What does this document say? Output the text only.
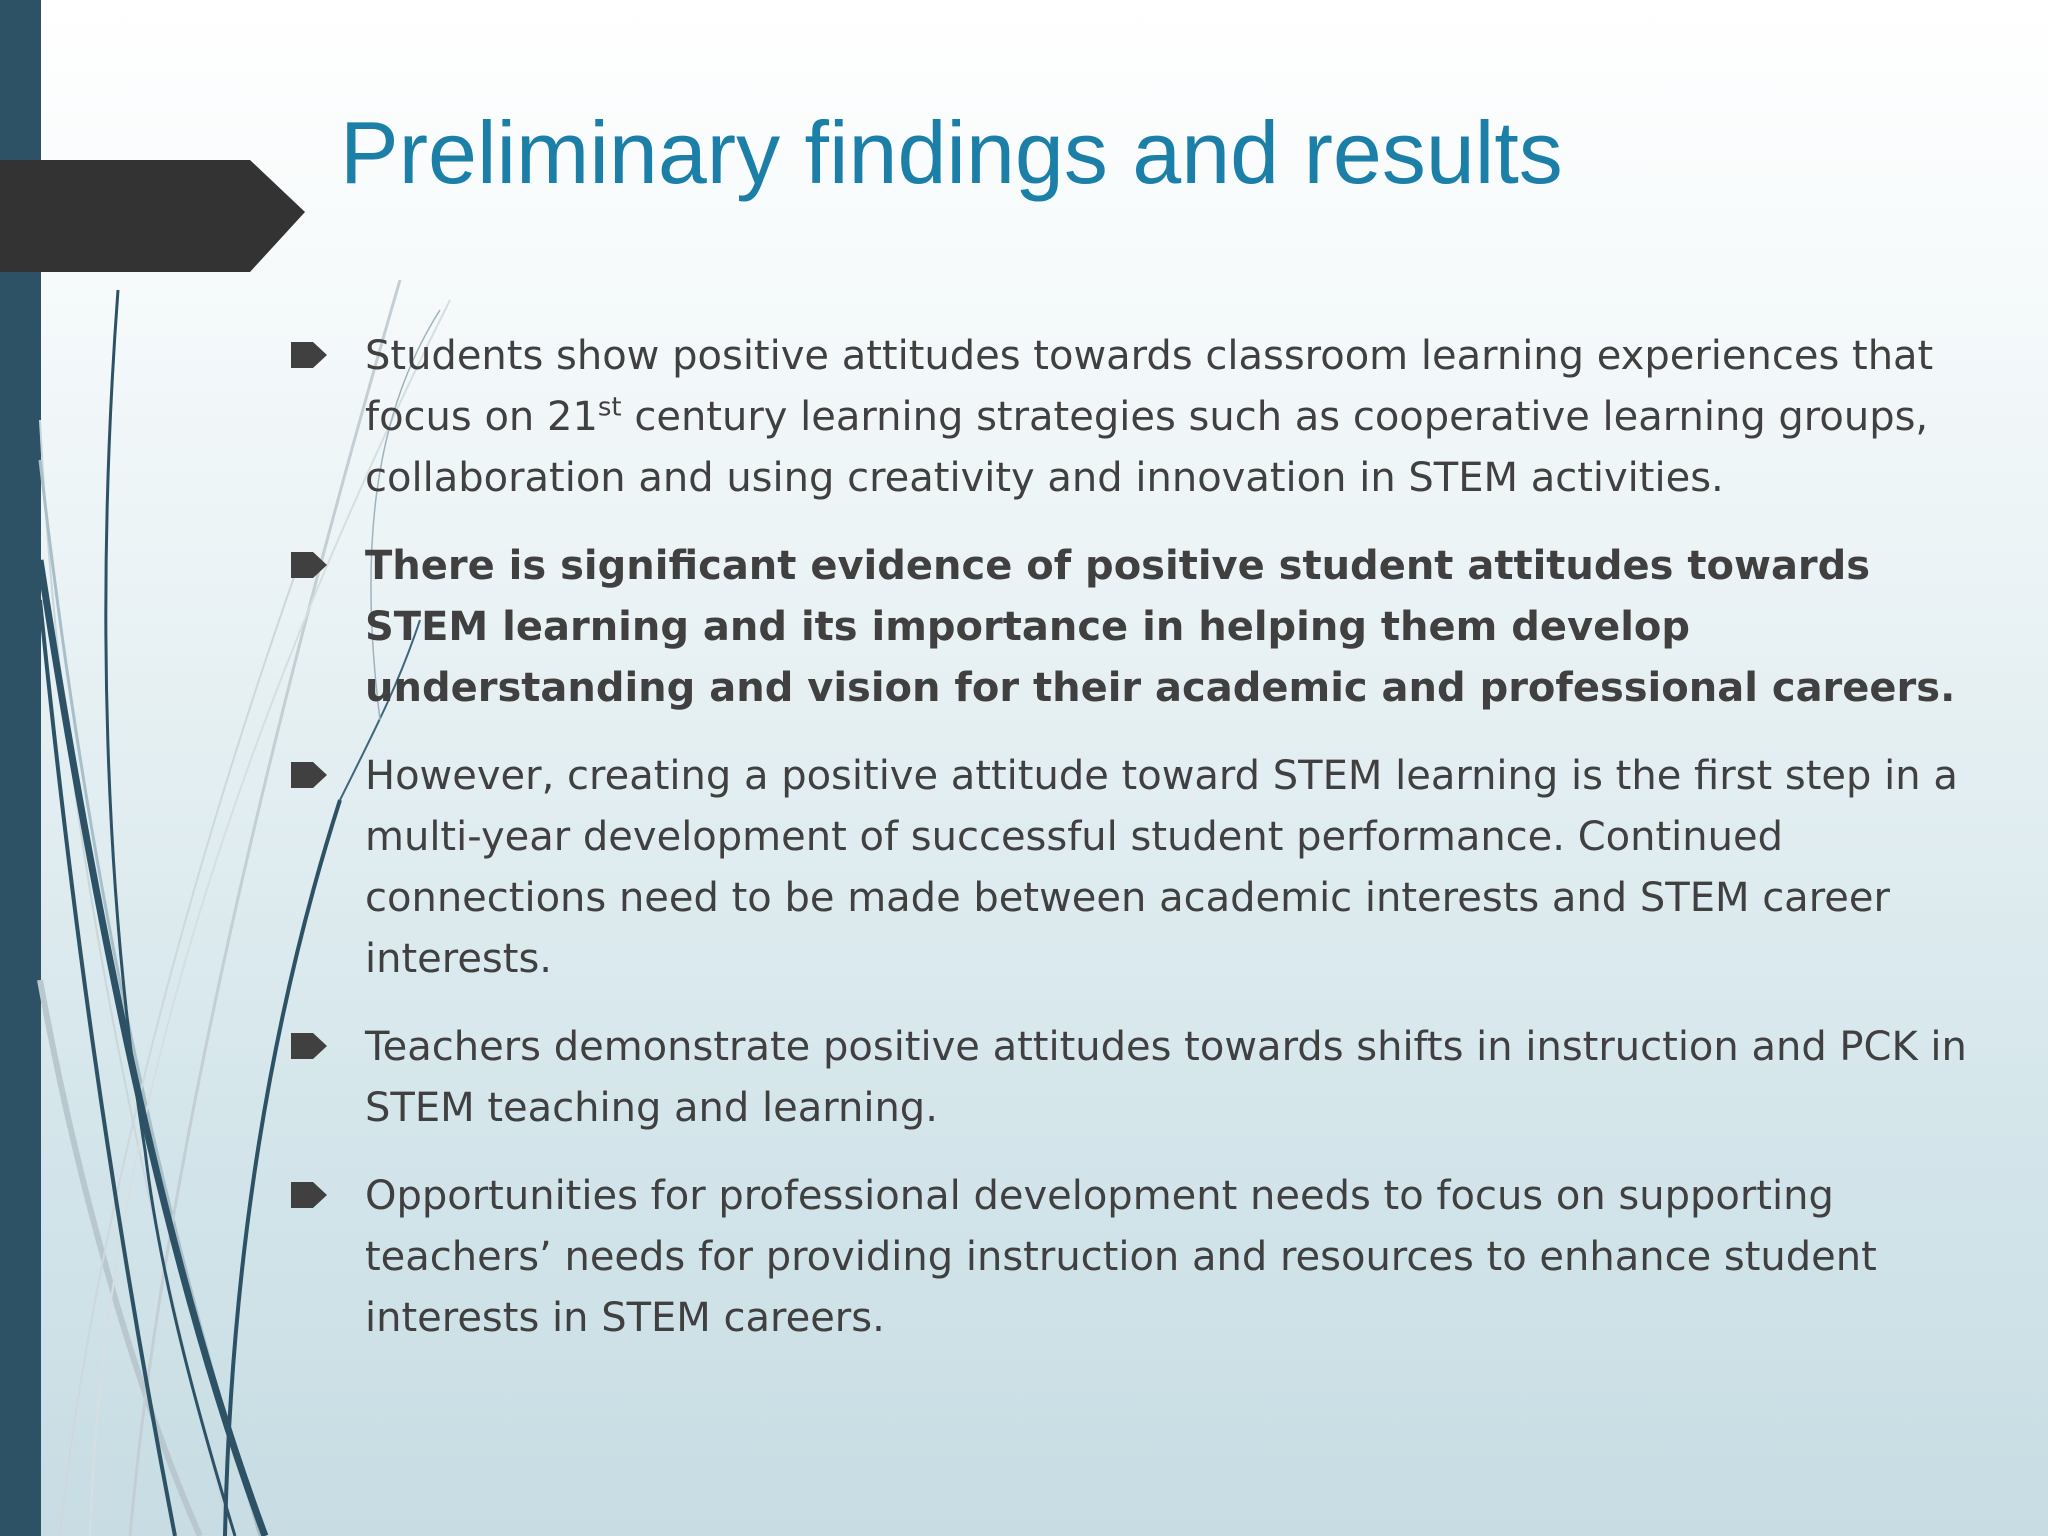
Preliminary findings and results
Students show positive attitudes towards classroom learning experiences that focus on 21st century learning strategies such as cooperative learning groups, collaboration and using creativity and innovation in STEM activities.
There is significant evidence of positive student attitudes towards STEM learning and its importance in helping them develop understanding and vision for their academic and professional careers.
However, creating a positive attitude toward STEM learning is the first step in a multi-year development of successful student performance. Continued connections need to be made between academic interests and STEM career interests.
Teachers demonstrate positive attitudes towards shifts in instruction and PCK in STEM teaching and learning.
Opportunities for professional development needs to focus on supporting teachers’ needs for providing instruction and resources to enhance student interests in STEM careers.
